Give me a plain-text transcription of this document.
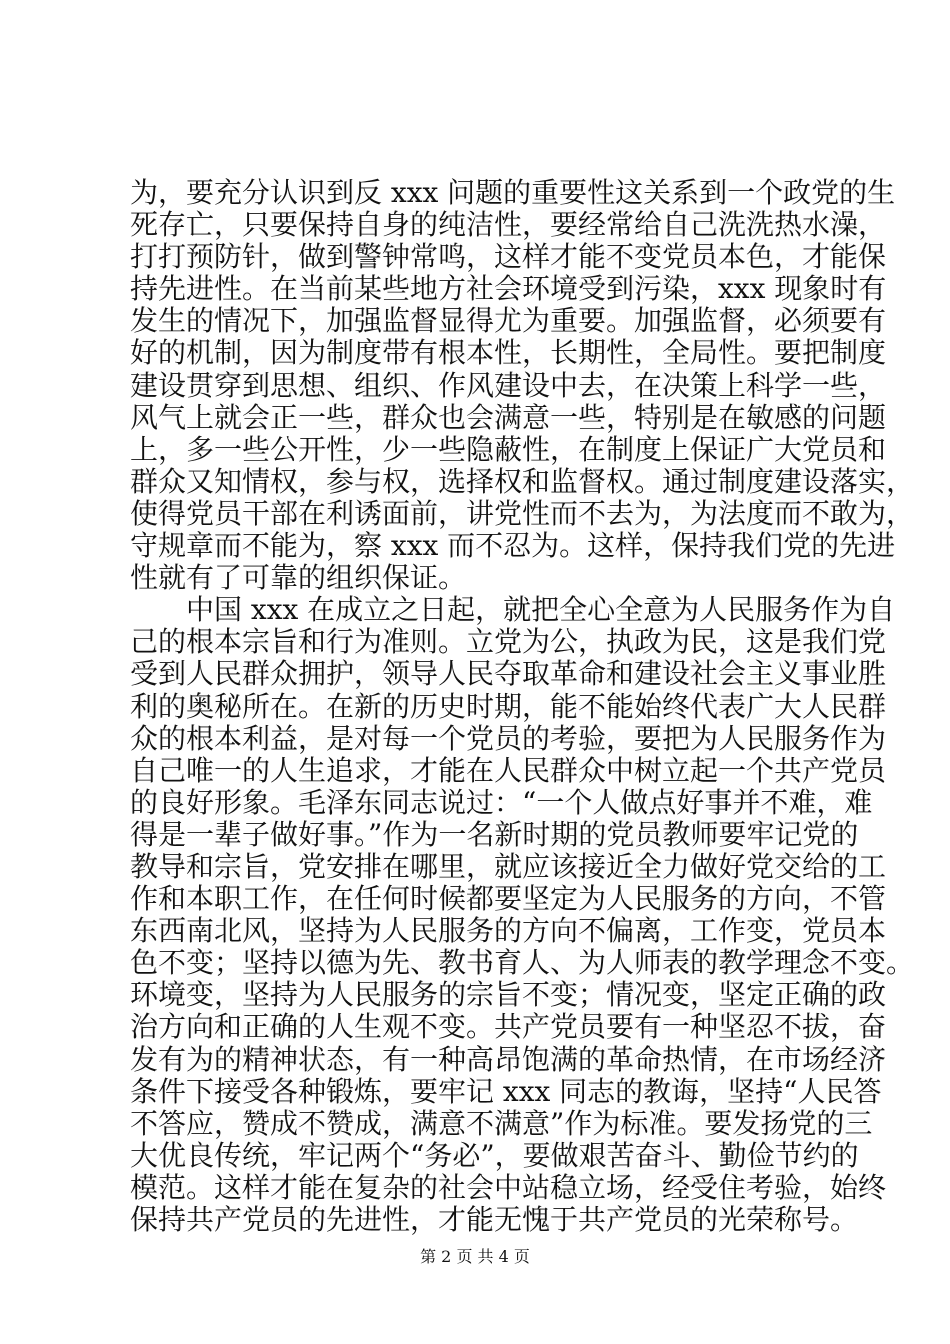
为，要充分认识到反 xxx 问题的重要性这关系到一个政党的生
死存亡，只要保持自身的纯洁性，要经常给自己洗洗热水澡，
打打预防针，做到警钟常鸣，这样才能不变党员本色，才能保
持先进性。在当前某些地方社会环境受到污染，xxx 现象时有
发生的情况下，加强监督显得尤为重要。加强监督，必须要有
好的机制，因为制度带有根本性，长期性，全局性。要把制度
建设贯穿到思想、组织、作风建设中去，在决策上科学一些，
风气上就会正一些，群众也会满意一些，特别是在敏感的问题
上，多一些公开性，少一些隐蔽性，在制度上保证广大党员和
群众又知情权，参与权，选择权和监督权。通过制度建设落实，
使得党员干部在利诱面前，讲党性而不去为，为法度而不敢为，
守规章而不能为，察 xxx 而不忍为。这样，保持我们党的先进
性就有了可靠的组织保证。
中国 xxx 在成立之日起，就把全心全意为人民服务作为自
己的根本宗旨和行为准则。立党为公，执政为民，这是我们党
受到人民群众拥护，领导人民夺取革命和建设社会主义事业胜
利的奥秘所在。在新的历史时期，能不能始终代表广大人民群
众的根本利益，是对每一个党员的考验，要把为人民服务作为
自己唯一的人生追求，才能在人民群众中树立起一个共产党员
的良好形象。毛泽东同志说过：“一个人做点好事并不难，难
得是一辈子做好事。”作为一名新时期的党员教师要牢记党的
教导和宗旨，党安排在哪里，就应该接近全力做好党交给的工
作和本职工作，在任何时候都要坚定为人民服务的方向，不管
东西南北风，坚持为人民服务的方向不偏离，工作变，党员本
色不变；坚持以德为先、教书育人、为人师表的教学理念不变。
环境变，坚持为人民服务的宗旨不变；情况变，坚定正确的政
治方向和正确的人生观不变。共产党员要有一种坚忍不拔，奋
发有为的精神状态，有一种高昂饱满的革命热情，在市场经济
条件下接受各种锻炼，要牢记 xxx 同志的教诲，坚持“人民答
不答应，赞成不赞成，满意不满意”作为标准。要发扬党的三
大优良传统，牢记两个“务必”，要做艰苦奋斗、勤俭节约的
模范。这样才能在复杂的社会中站稳立场，经受住考验，始终
保持共产党员的先进性，才能无愧于共产党员的光荣称号。
第 2 页 共 4 页
